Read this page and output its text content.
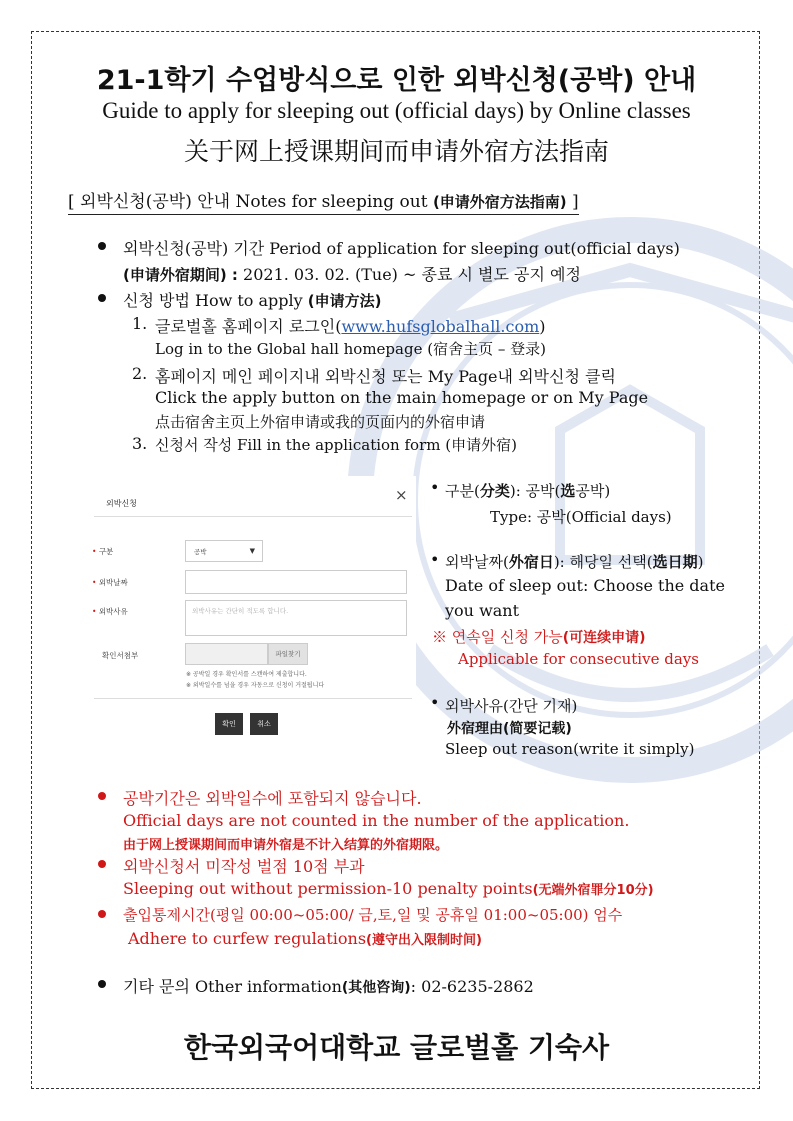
21-1학기 수업방식으로 인한 외박신청(공박) 안내
Guide to apply for sleeping out (official days) by Online classes
关于网上授课期间而申请外宿方法指南
[ 외박신청(공박) 안내 Notes for sleeping out (申请外宿方法指南) ]
외박신청(공박) 기간 Period of application for sleeping out(official days)
(申请外宿期间) : 2021. 03. 02. (Tue) ~ 종료 시 별도 공지 예정
신청 방법 How to apply (申请方法)
1. 글로벌홀 홈페이지 로그인(www.hufsglobalhall.com)
Log in to the Global hall homepage (宿舍主页 – 登录)
2. 홈페이지 메인 페이지내 외박신청 또는 My Page내 외박신청 클릭
Click the apply button on the main homepage or on My Page
点击宿舍主页上外宿申请或我的页面内的外宿申请
3. 신청서 작성 Fill in the application form (申请外宿)
외박신청	×
• 구분	공박	▼
• 외박날짜
• 외박사유	외박사유는 간단히 적도록 합니다.
확인서첨부	파일찾기
※ 공박일 경우 확인서를 스캔하여 제출합니다.
※ 외박일수를 넘을 경우 자동으로 신청이 거절됩니다
확인	취소
• 구분(分类): 공박(选공박)
Type: 공박(Official days)
• 외박날짜(外宿日): 해당일 선택(选日期)
Date of sleep out: Choose the date
you want
※ 연속일 신청 가능(可连续申请)
Applicable for consecutive days
• 외박사유(간단 기재)
外宿理由(简要记载)
Sleep out reason(write it simply)
공박기간은 외박일수에 포함되지 않습니다.
Official days are not counted in the number of the application.
由于网上授课期间而申请外宿是不计入结算的外宿期限。
외박신청서 미작성 벌점 10점 부과
Sleeping out without permission-10 penalty points(无端外宿罪分10分)
출입통제시간(평일 00:00~05:00/ 금,토,일 및 공휴일 01:00~05:00) 엄수
Adhere to curfew regulations(遵守出入限制时间)
기타 문의 Other information(其他咨询): 02-6235-2862
한국외국어대학교 글로벌홀 기숙사
